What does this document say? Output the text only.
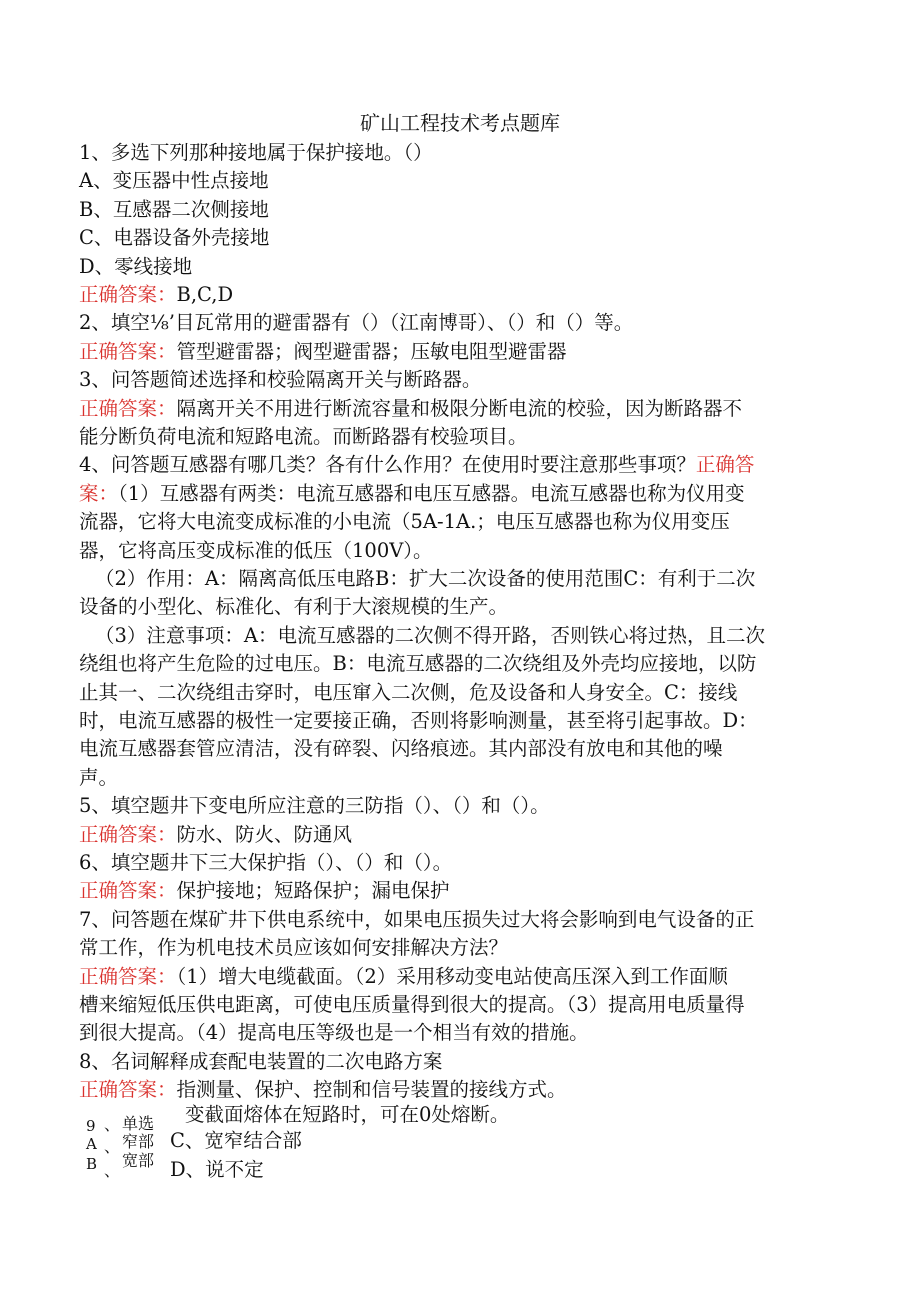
矿山工程技术考点题库
1、多选下列那种接地属于保护接地。（）
A、变压器中性点接地
B、互感器二次侧接地
C、电器设备外壳接地
D、零线接地
正确答案：B,C,D
2、填空⅛’目瓦常用的避雷器有（）（江南博哥）、（）和（）等。
正确答案：管型避雷器；阀型避雷器；压敏电阻型避雷器
3、问答题简述选择和校验隔离开关与断路器。
正确答案：隔离开关不用进行断流容量和极限分断电流的校验，因为断路器不
能分断负荷电流和短路电流。而断路器有校验项目。
4、问答题互感器有哪几类？各有什么作用？在使用时要注意那些事项？正确答
案：（1）互感器有两类：电流互感器和电压互感器。电流互感器也称为仪用变
流器，它将大电流变成标准的小电流（5A-1A.；电压互感器也称为仪用变压
器，它将高压变成标准的低压（100V）。
（2）作用：A：隔离高低压电路B：扩大二次设备的使用范围C：有利于二次
设备的小型化、标准化、有利于大滚规模的生产。
（3）注意事项：A：电流互感器的二次侧不得开路，否则铁心将过热，且二次
绕组也将产生危险的过电压。B：电流互感器的二次绕组及外壳均应接地，以防
止其一、二次绕组击穿时，电压窜入二次侧，危及设备和人身安全。C：接线
时，电流互感器的极性一定要接正确，否则将影响测量，甚至将引起事故。D：
电流互感器套管应清洁，没有碎裂、闪络痕迹。其内部没有放电和其他的噪
声。
5、填空题井下变电所应注意的三防指（）、（）和（）。
正确答案：防水、防火、防通风
6、填空题井下三大保护指（）、（）和（）。
正确答案：保护接地；短路保护；漏电保护
7、问答题在煤矿井下供电系统中，如果电压损失过大将会影响到电气设备的正
常工作，作为机电技术员应该如何安排解决方法？
正确答案：（1）增大电缆截面。（2）采用移动变电站使高压深入到工作面顺
槽来缩短低压供电距离，可使电压质量得到很大的提高。（3）提高用电质量得
到很大提高。（4）提高电压等级也是一个相当有效的措施。
8、名词解释成套配电装置的二次电路方案
正确答案：指测量、保护、控制和信号装置的接线方式。
变截面熔体在短路时，可在0处熔断。
9 、 单选
A 、 窄部 C、宽窄结合部
B 、
宽部 D、说不定
